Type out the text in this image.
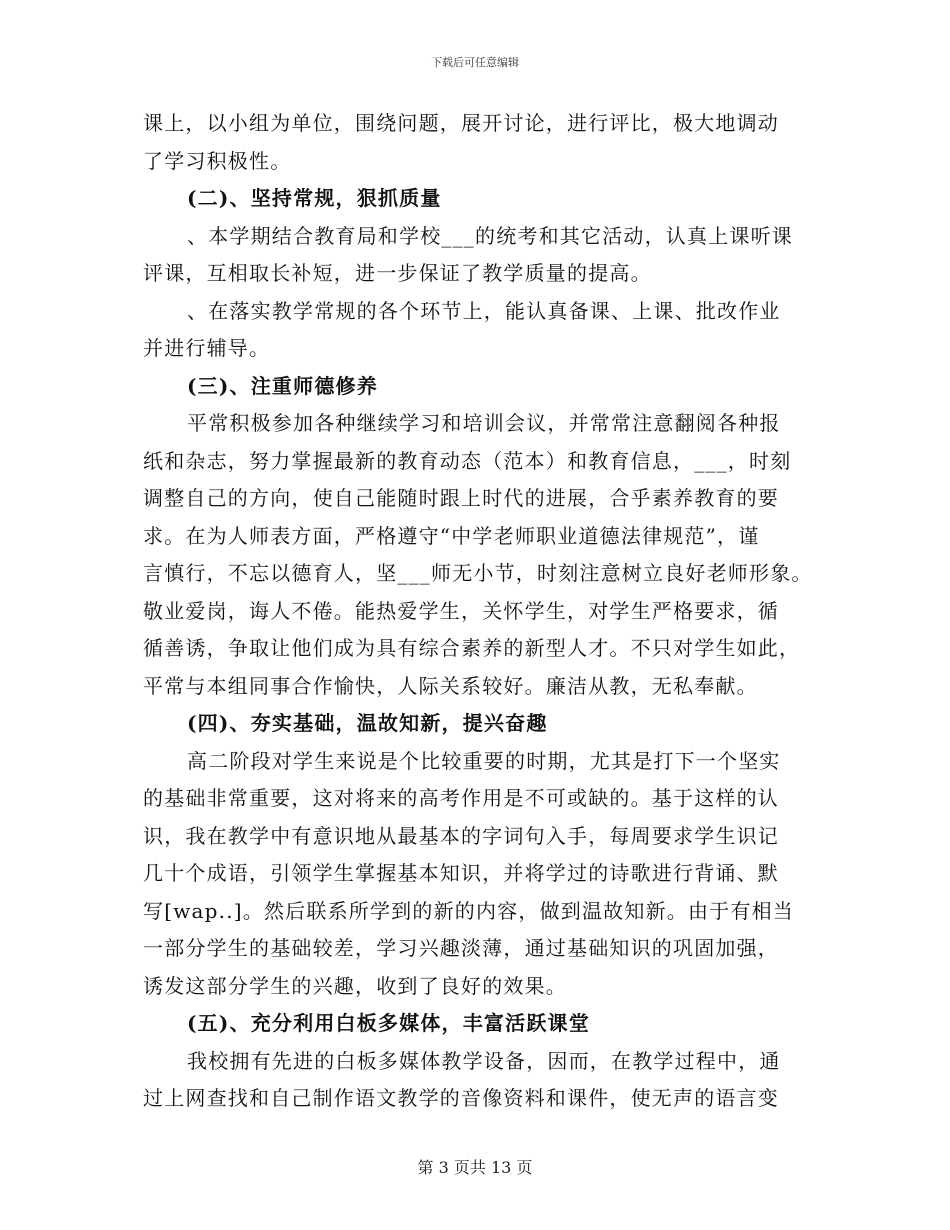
下载后可任意编辑

课上，以小组为单位，围绕问题，展开讨论，进行评比，极大地调动

了学习积极性。

(二)、坚持常规，狠抓质量

、本学期结合教育局和学校___的统考和其它活动，认真上课听课

评课，互相取长补短，进一步保证了教学质量的提高。

、在落实教学常规的各个环节上，能认真备课、上课、批改作业

并进行辅导。

(三)、注重师德修养

平常积极参加各种继续学习和培训会议，并常常注意翻阅各种报

纸和杂志，努力掌握最新的教育动态（范本）和教育信息，___，时刻

调整自己的方向，使自己能随时跟上时代的进展，合乎素养教育的要

求。在为人师表方面，严格遵守“中学老师职业道德法律规范”，谨

言慎行，不忘以德育人，坚___师无小节，时刻注意树立良好老师形象。

敬业爱岗，诲人不倦。能热爱学生，关怀学生，对学生严格要求，循

循善诱，争取让他们成为具有综合素养的新型人才。不只对学生如此，

平常与本组同事合作愉快，人际关系较好。廉洁从教，无私奉献。

(四)、夯实基础，温故知新，提兴奋趣

高二阶段对学生来说是个比较重要的时期，尤其是打下一个坚实

的基础非常重要，这对将来的高考作用是不可或缺的。基于这样的认

识，我在教学中有意识地从最基本的字词句入手，每周要求学生识记

几十个成语，引领学生掌握基本知识，并将学过的诗歌进行背诵、默

写[wap..]。然后联系所学到的新的内容，做到温故知新。由于有相当

一部分学生的基础较差，学习兴趣淡薄，通过基础知识的巩固加强，

诱发这部分学生的兴趣，收到了良好的效果。

(五)、充分利用白板多媒体，丰富活跃课堂

我校拥有先进的白板多媒体教学设备，因而，在教学过程中，通

过上网查找和自己制作语文教学的音像资料和课件，使无声的语言变

第 3 页共 13 页
